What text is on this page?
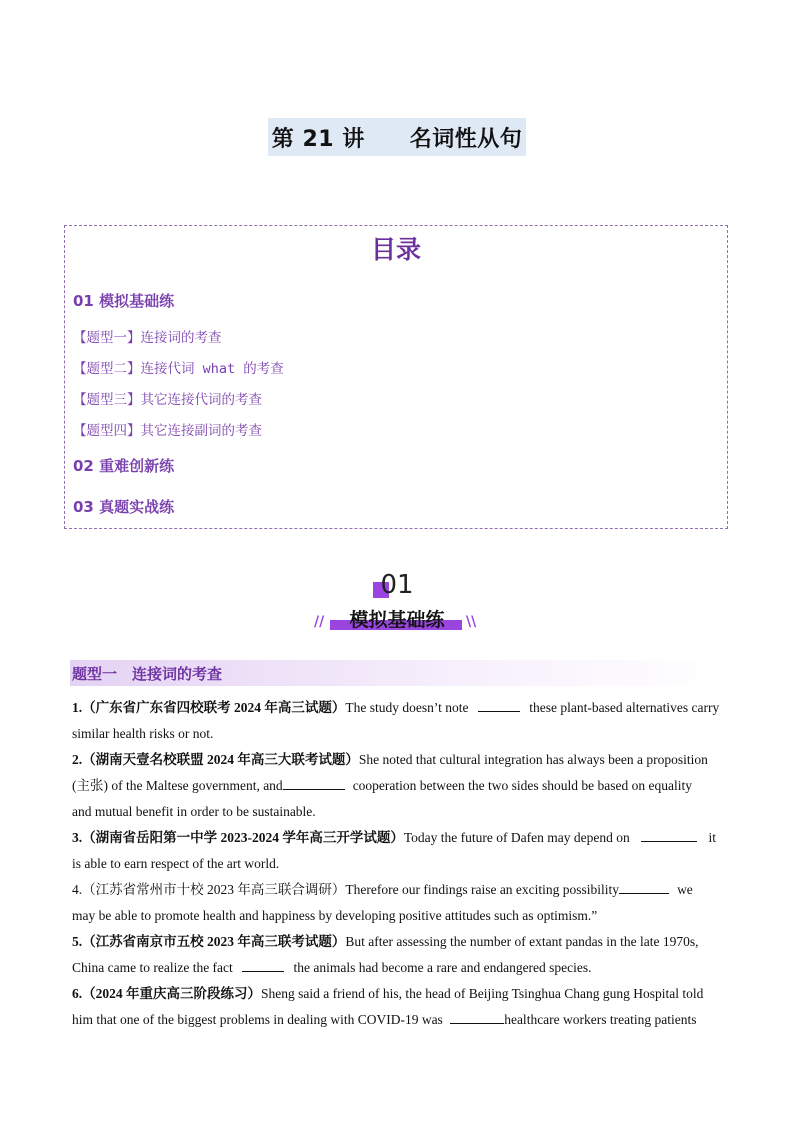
第 21 讲　　名词性从句
目录
01 模拟基础练
【题型一】连接词的考查
【题型二】连接代词 what 的考查
【题型三】其它连接代词的考查
【题型四】其它连接副词的考查
02 重难创新练
03 真题实战练
01
//	模拟基础练	\\
题型一　连接词的考查
1.（广东省广东省四校联考 2024 年高三试题）The study doesn’t note	these plant-based alternatives carry
similar health risks or not.
2.（湖南天壹名校联盟 2024 年高三大联考试题）She noted that cultural integration has always been a proposition
(主张) of the Maltese government, and	cooperation between the two sides should be based on equality
and mutual benefit in order to be sustainable.
3.（湖南省岳阳第一中学 2023-2024 学年高三开学试题）Today the future of Dafen may depend on	it
is able to earn respect of the art world.
4.（江苏省常州市十校 2023 年高三联合调研）Therefore our findings raise an exciting possibility	we
may be able to promote health and happiness by developing positive attitudes such as optimism.”
5.（江苏省南京市五校 2023 年高三联考试题）But after assessing the number of extant pandas in the late 1970s,
China came to realize the fact	the animals had become a rare and endangered species.
6.（2024 年重庆高三阶段练习）Sheng said a friend of his, the head of Beijing Tsinghua Chang gung Hospital told
him that one of the biggest problems in dealing with COVID-19 was	healthcare workers treating patients
